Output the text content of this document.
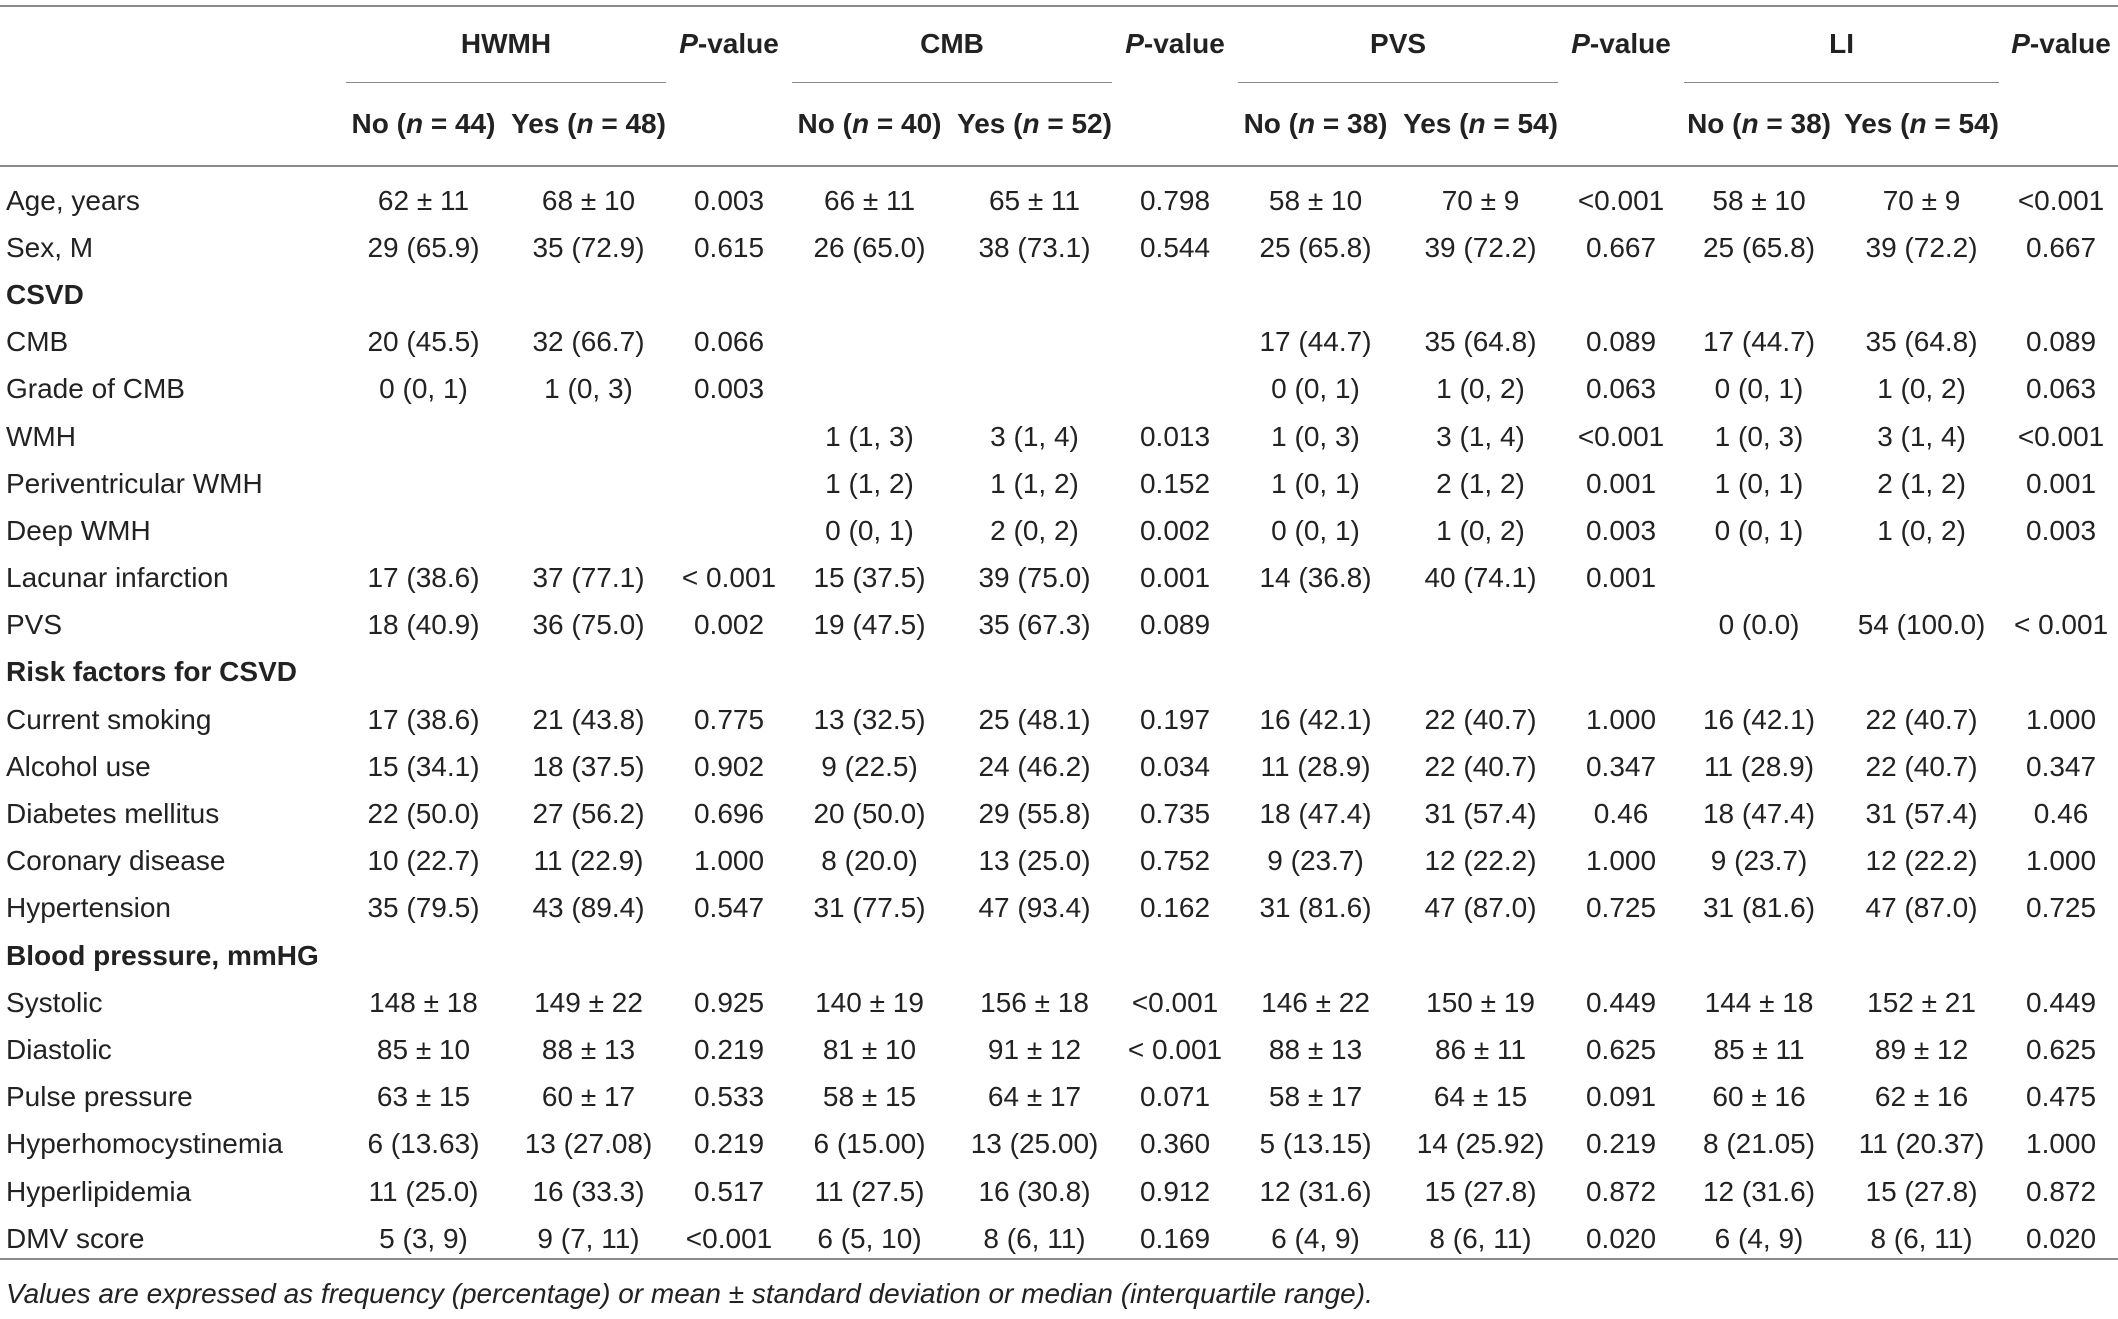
	HWMH		P-value	CMB		P-value	PVS		P-value	LI		P-value
	No (n = 44)	Yes (n = 48)		No (n = 40)	Yes (n = 52)		No (n = 38)	Yes (n = 54)		No (n = 38)	Yes (n = 54)	
Age, years	62 ± 11	68 ± 10	0.003	66 ± 11	65 ± 11	0.798	58 ± 10	70 ± 9	<0.001	58 ± 10	70 ± 9	<0.001
Sex, M	29 (65.9)	35 (72.9)	0.615	26 (65.0)	38 (73.1)	0.544	25 (65.8)	39 (72.2)	0.667	25 (65.8)	39 (72.2)	0.667
CSVD												
CMB	20 (45.5)	32 (66.7)	0.066				17 (44.7)	35 (64.8)	0.089	17 (44.7)	35 (64.8)	0.089
Grade of CMB	0 (0, 1)	1 (0, 3)	0.003				0 (0, 1)	1 (0, 2)	0.063	0 (0, 1)	1 (0, 2)	0.063
WMH				1 (1, 3)	3 (1, 4)	0.013	1 (0, 3)	3 (1, 4)	<0.001	1 (0, 3)	3 (1, 4)	<0.001
Periventricular WMH				1 (1, 2)	1 (1, 2)	0.152	1 (0, 1)	2 (1, 2)	0.001	1 (0, 1)	2 (1, 2)	0.001
Deep WMH				0 (0, 1)	2 (0, 2)	0.002	0 (0, 1)	1 (0, 2)	0.003	0 (0, 1)	1 (0, 2)	0.003
Lacunar infarction	17 (38.6)	37 (77.1)	< 0.001	15 (37.5)	39 (75.0)	0.001	14 (36.8)	40 (74.1)	0.001			
PVS	18 (40.9)	36 (75.0)	0.002	19 (47.5)	35 (67.3)	0.089				0 (0.0)	54 (100.0)	< 0.001
Risk factors for CSVD												
Current smoking	17 (38.6)	21 (43.8)	0.775	13 (32.5)	25 (48.1)	0.197	16 (42.1)	22 (40.7)	1.000	16 (42.1)	22 (40.7)	1.000
Alcohol use	15 (34.1)	18 (37.5)	0.902	9 (22.5)	24 (46.2)	0.034	11 (28.9)	22 (40.7)	0.347	11 (28.9)	22 (40.7)	0.347
Diabetes mellitus	22 (50.0)	27 (56.2)	0.696	20 (50.0)	29 (55.8)	0.735	18 (47.4)	31 (57.4)	0.46	18 (47.4)	31 (57.4)	0.46
Coronary disease	10 (22.7)	11 (22.9)	1.000	8 (20.0)	13 (25.0)	0.752	9 (23.7)	12 (22.2)	1.000	9 (23.7)	12 (22.2)	1.000
Hypertension	35 (79.5)	43 (89.4)	0.547	31 (77.5)	47 (93.4)	0.162	31 (81.6)	47 (87.0)	0.725	31 (81.6)	47 (87.0)	0.725
Blood pressure, mmHG												
Systolic	148 ± 18	149 ± 22	0.925	140 ± 19	156 ± 18	<0.001	146 ± 22	150 ± 19	0.449	144 ± 18	152 ± 21	0.449
Diastolic	85 ± 10	88 ± 13	0.219	81 ± 10	91 ± 12	< 0.001	88 ± 13	86 ± 11	0.625	85 ± 11	89 ± 12	0.625
Pulse pressure	63 ± 15	60 ± 17	0.533	58 ± 15	64 ± 17	0.071	58 ± 17	64 ± 15	0.091	60 ± 16	62 ± 16	0.475
Hyperhomocystinemia	6 (13.63)	13 (27.08)	0.219	6 (15.00)	13 (25.00)	0.360	5 (13.15)	14 (25.92)	0.219	8 (21.05)	11 (20.37)	1.000
Hyperlipidemia	11 (25.0)	16 (33.3)	0.517	11 (27.5)	16 (30.8)	0.912	12 (31.6)	15 (27.8)	0.872	12 (31.6)	15 (27.8)	0.872
DMV score	5 (3, 9)	9 (7, 11)	<0.001	6 (5, 10)	8 (6, 11)	0.169	6 (4, 9)	8 (6, 11)	0.020	6 (4, 9)	8 (6, 11)	0.020
Values are expressed as frequency (percentage) or mean ± standard deviation or median (interquartile range).
